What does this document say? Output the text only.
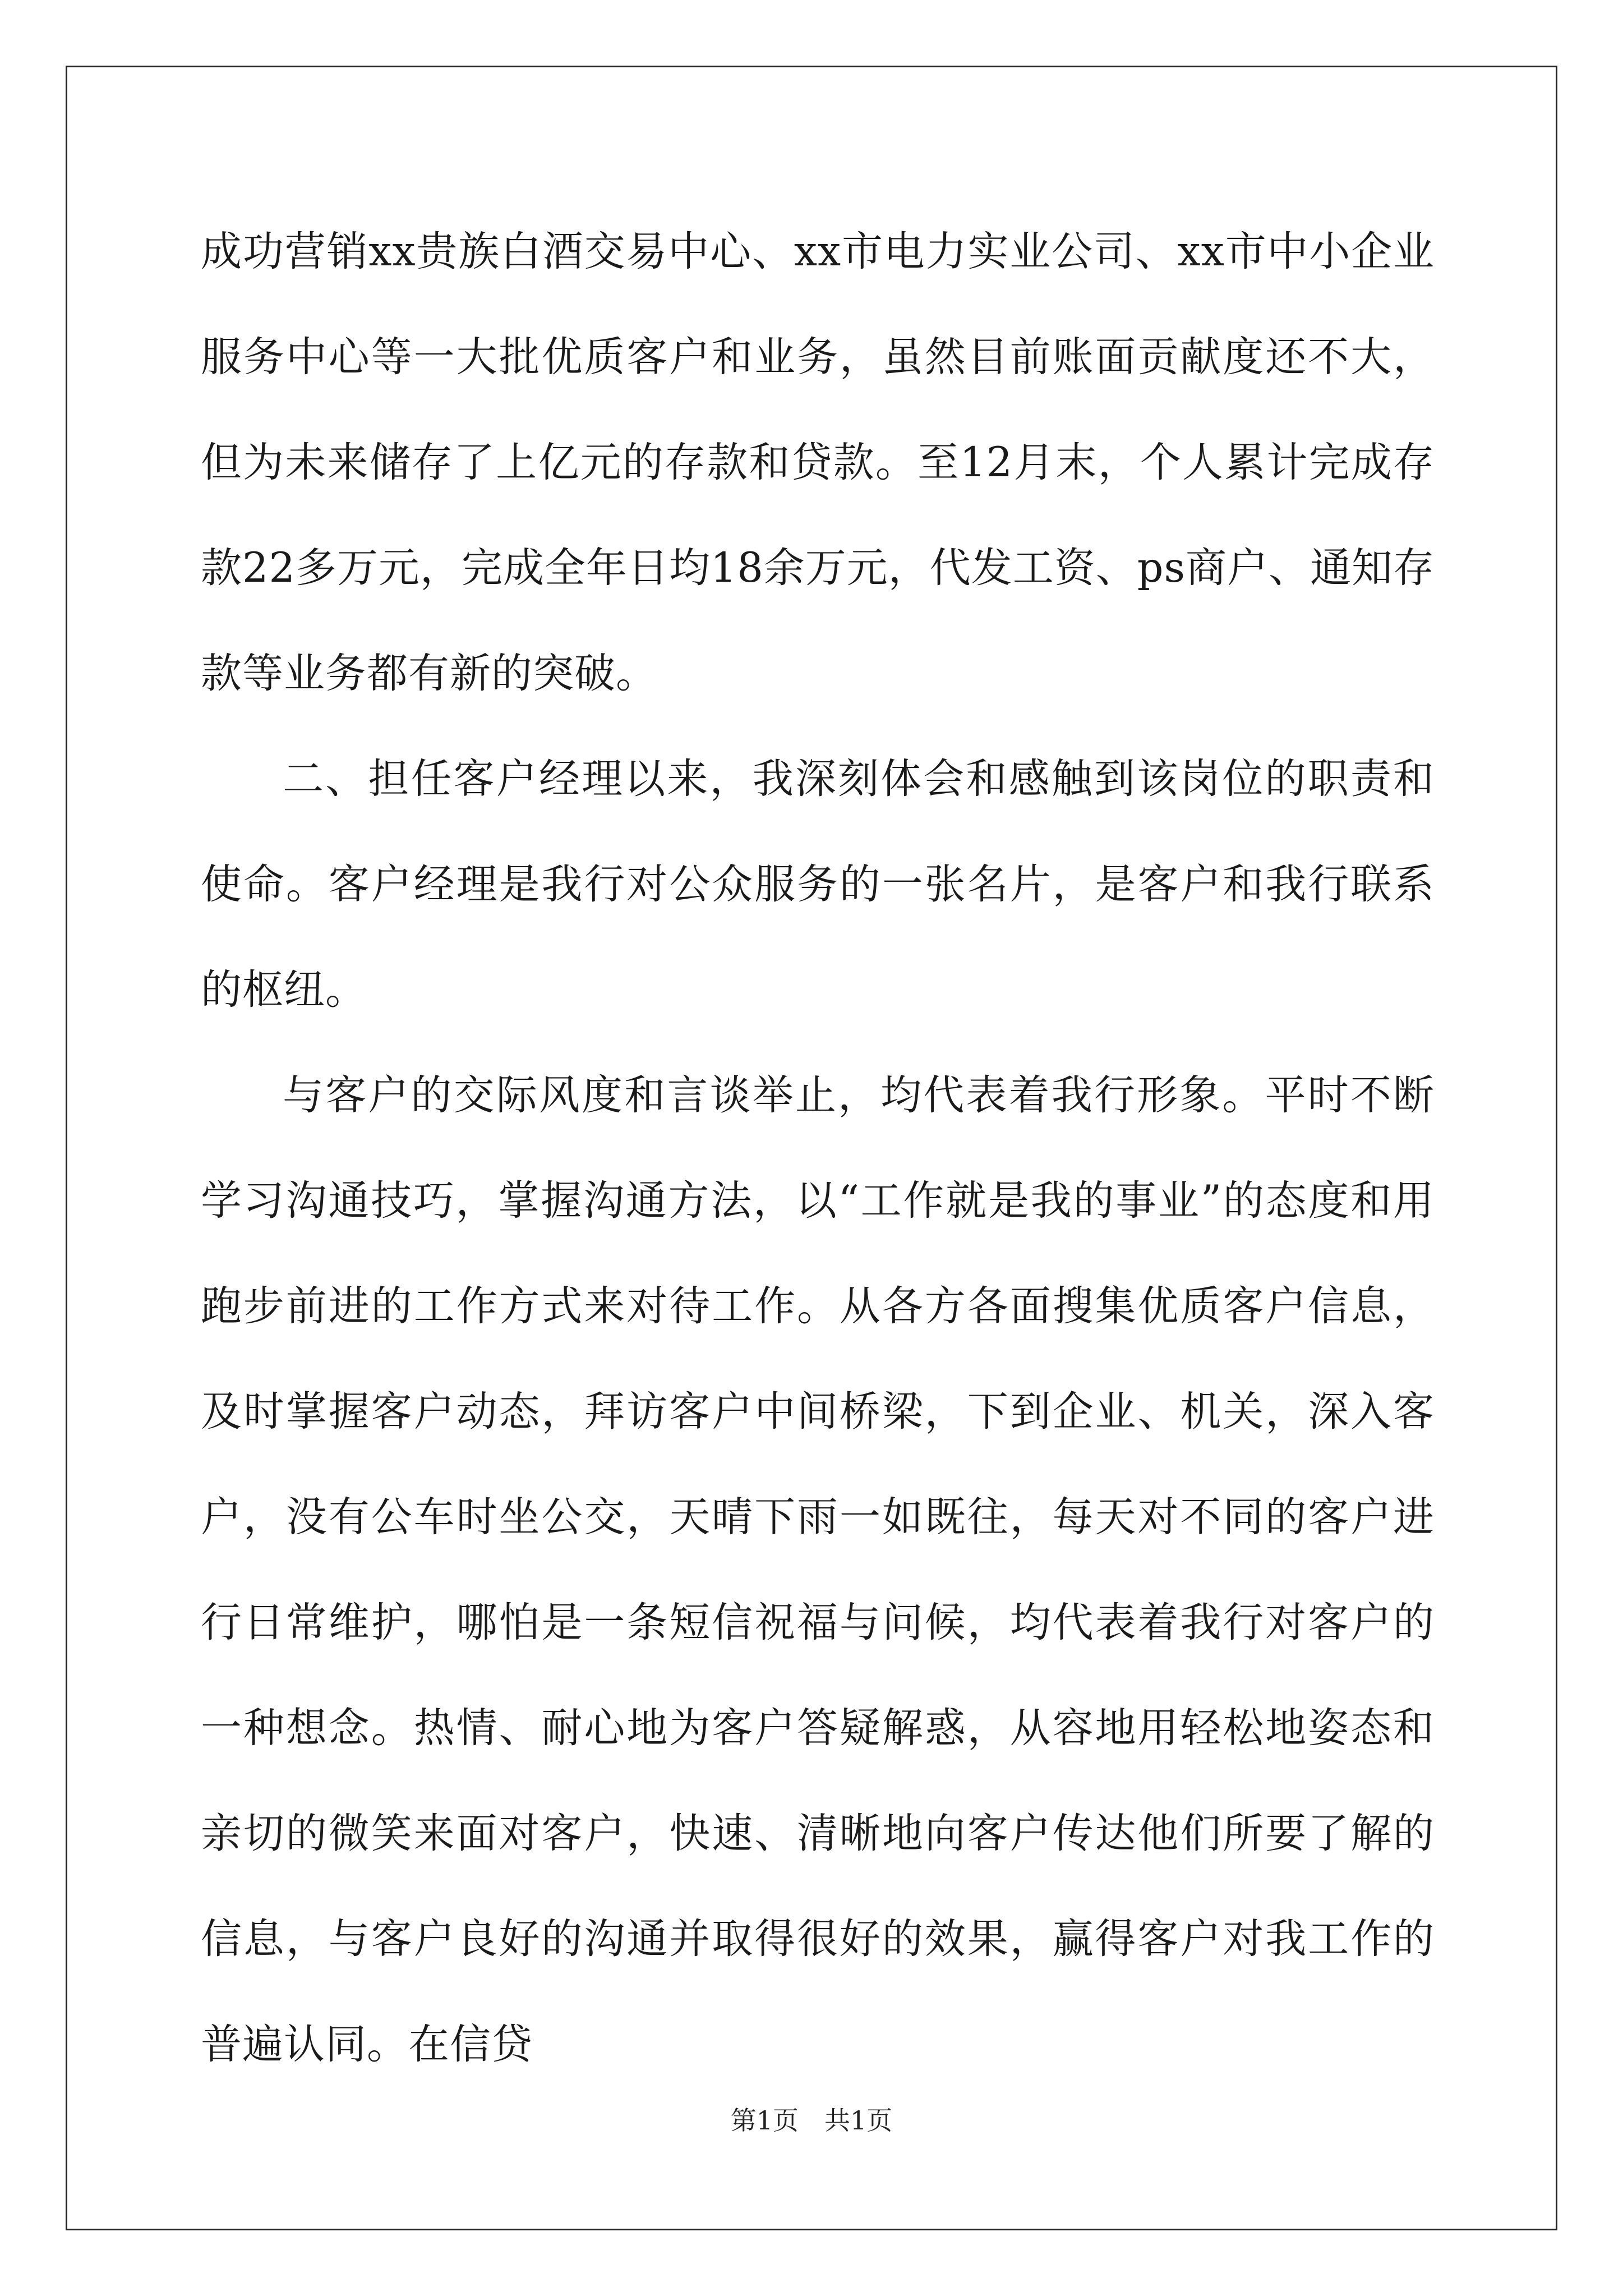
成功营销xx贵族白酒交易中心、xx市电力实业公司、xx市中小企业服务中心等一大批优质客户和业务，虽然目前账面贡献度还不大，但为未来储存了上亿元的存款和贷款。至12月末，个人累计完成存款22多万元，完成全年日均18余万元，代发工资、ps商户、通知存款等业务都有新的突破。

二、担任客户经理以来，我深刻体会和感触到该岗位的职责和使命。客户经理是我行对公众服务的一张名片，是客户和我行联系的枢纽。

与客户的交际风度和言谈举止，均代表着我行形象。平时不断学习沟通技巧，掌握沟通方法，以“工作就是我的事业”的态度和用跑步前进的工作方式来对待工作。从各方各面搜集优质客户信息，及时掌握客户动态，拜访客户中间桥梁，下到企业、机关，深入客户，没有公车时坐公交，天晴下雨一如既往，每天对不同的客户进行日常维护，哪怕是一条短信祝福与问候，均代表着我行对客户的一种想念。热情、耐心地为客户答疑解惑，从容地用轻松地姿态和亲切的微笑来面对客户，快速、清晰地向客户传达他们所要了解的信息，与客户良好的沟通并取得很好的效果，赢得客户对我工作的普遍认同。在信贷

第1页　共1页
